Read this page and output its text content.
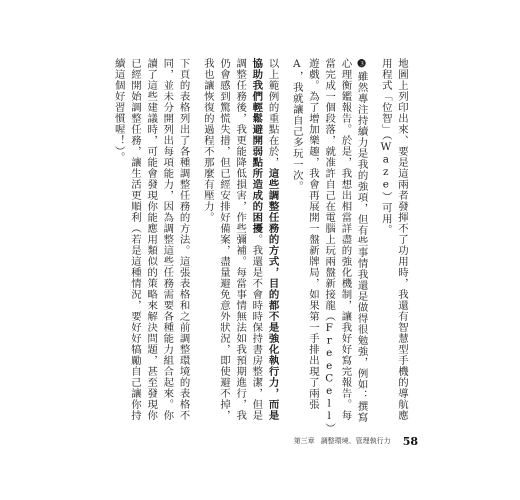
地圖上列印出來、要是這兩者發揮不了功用時，我還有智慧型手機的導航應用程式「位智」（Waze）可用。

❸雖然專注持續力是我的強項，但有些事情我還是做得很勉強，例如：撰寫心理衡鑑報告。於是，我想出相當詳盡的強化機制，讓我好好寫完報告。每當完成一個段落，就准許自己在電腦上玩兩盤新接龍（FreeCell）遊戲。為了增加樂趣，我會再展開一盤新牌局，如果第一手排出現了兩張A，我就讓自己多玩一次。

以上範例的重點在於，這些調整任務的方式，目的都不是強化執行力，而是協助我們輕鬆避開弱點所造成的困擾。我還是不會時時保持書房整潔，但是調整任務後，我更能降低損害，作些彌補。每當事情無法如我預期進行，我仍會感到驚慌失措，但已經安排好備案，盡量避免意外狀況，即使避不掉，我也讓恢復的過程不那麼有壓力。

下頁的表格列出了各種調整任務的方法。這張表格和之前調整環境的表格不同，並未分開列出每項能力，因為調整這些任務需要各種能力組合起來。你讀了這些建議時，可能會發現你能應用類似的策略來解決問題，甚至發現你已經開始調整任務，讓生活更順利（若是這種情況，要好好犒勵自己讓你持續這個好習慣喔！）。

第三章 調整環境、管理執行力 58
